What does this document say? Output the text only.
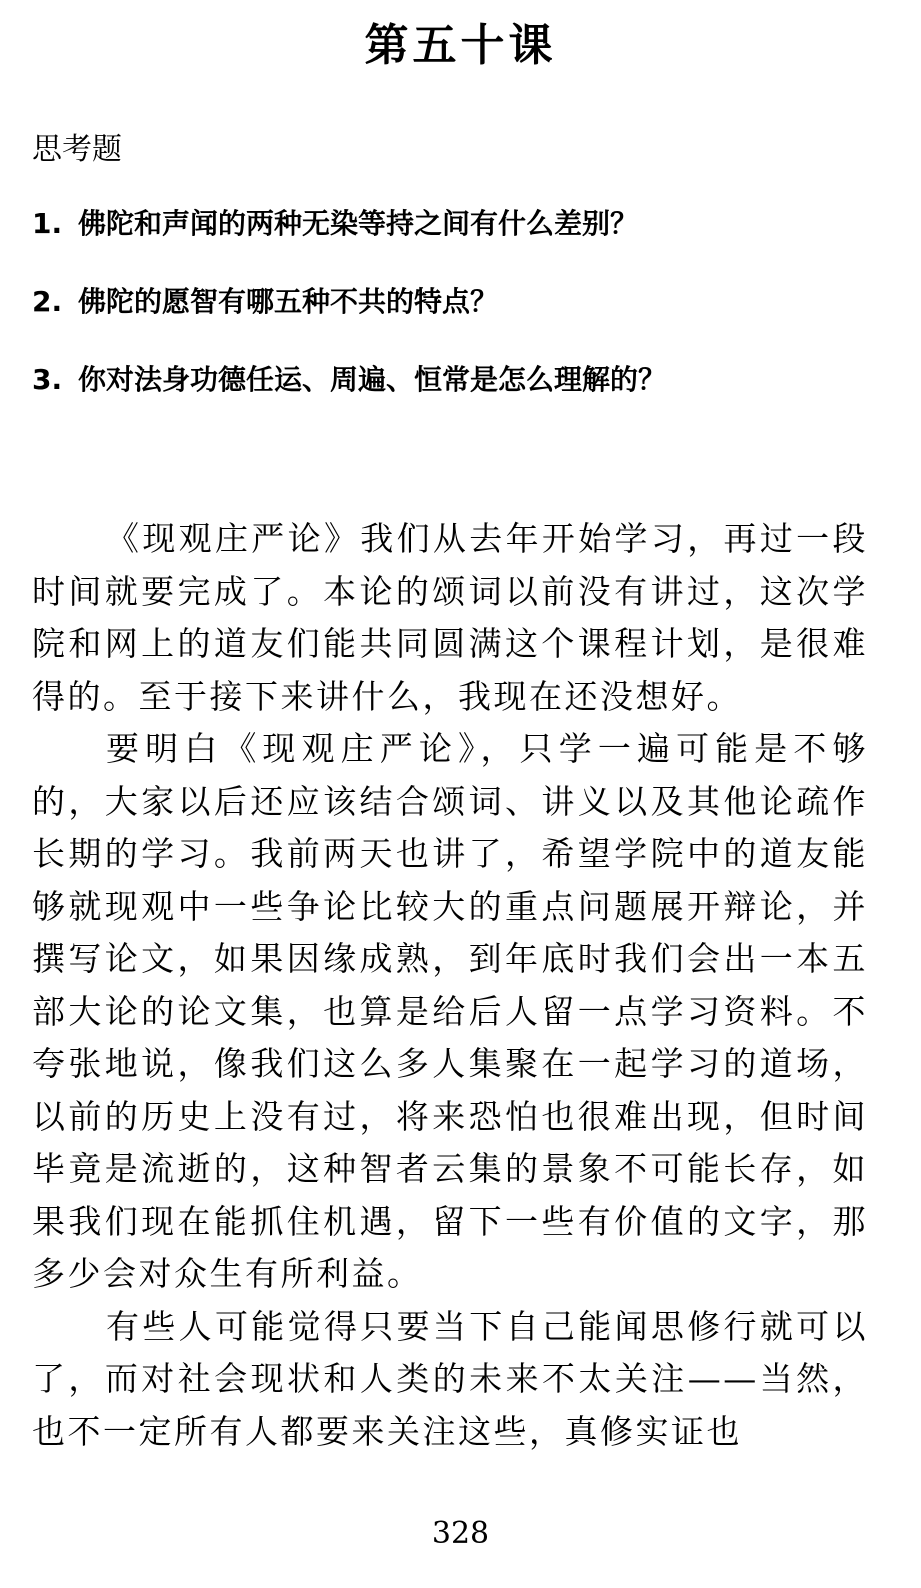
第五十课
思考题
1. 佛陀和声闻的两种无染等持之间有什么差别？
2. 佛陀的愿智有哪五种不共的特点？
3. 你对法身功德任运、周遍、恒常是怎么理解的？

《现观庄严论》我们从去年开始学习，再过一段时间就要完成了。本论的颂词以前没有讲过，这次学院和网上的道友们能共同圆满这个课程计划，是很难得的。至于接下来讲什么，我现在还没想好。

要明白《现观庄严论》，只学一遍可能是不够的，大家以后还应该结合颂词、讲义以及其他论疏作长期的学习。我前两天也讲了，希望学院中的道友能够就现观中一些争论比较大的重点问题展开辩论，并撰写论文，如果因缘成熟，到年底时我们会出一本五部大论的论文集，也算是给后人留一点学习资料。不夸张地说，像我们这么多人集聚在一起学习的道场，以前的历史上没有过，将来恐怕也很难出现，但时间毕竟是流逝的，这种智者云集的景象不可能长存，如果我们现在能抓住机遇，留下一些有价值的文字，那多少会对众生有所利益。

有些人可能觉得只要当下自己能闻思修行就可以了，而对社会现状和人类的未来不太关注——当然，也不一定所有人都要来关注这些，真修实证也

328
